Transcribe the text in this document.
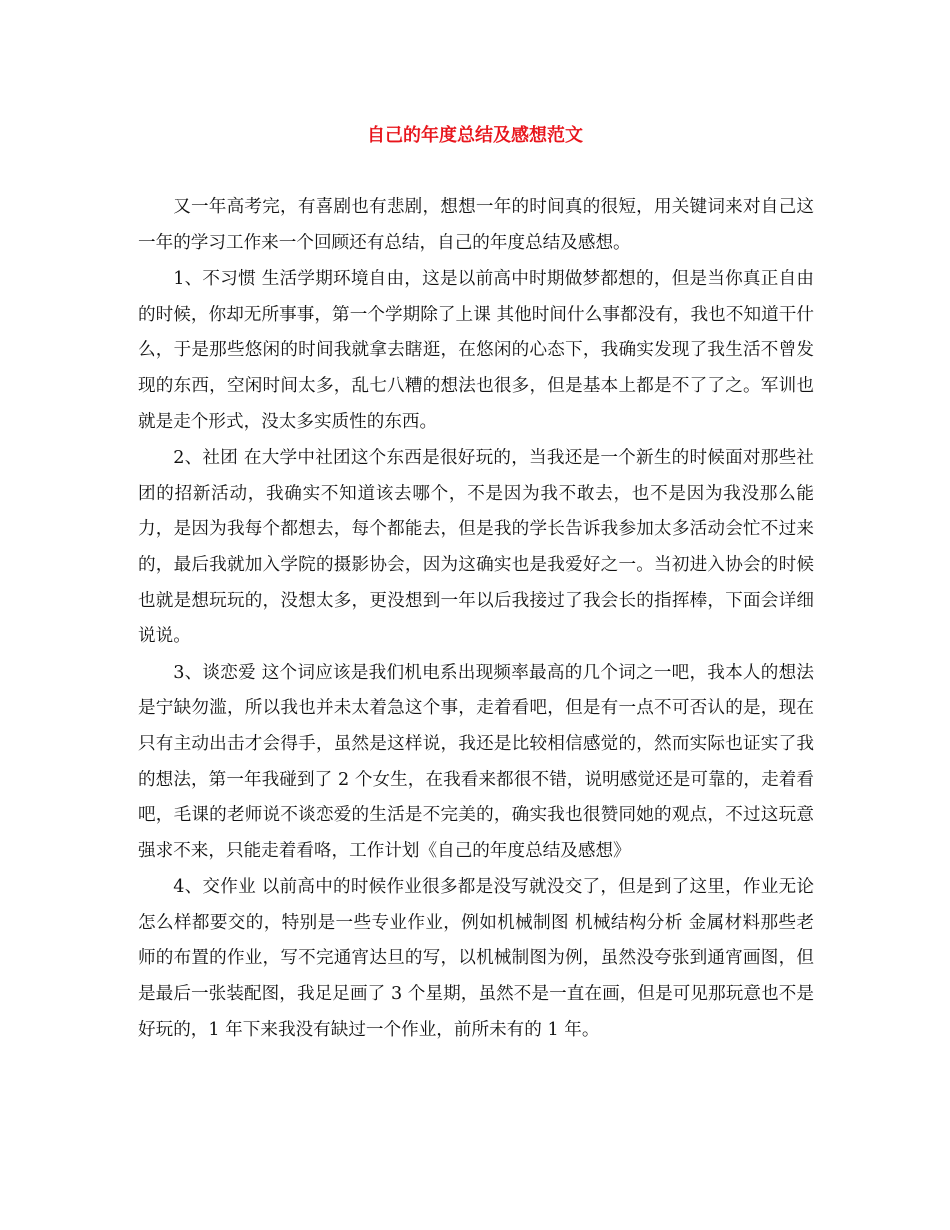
自己的年度总结及感想范文

又一年高考完，有喜剧也有悲剧，想想一年的时间真的很短，用关键词来对自己这一年的学习工作来一个回顾还有总结，自己的年度总结及感想。

1、不习惯 生活学期环境自由，这是以前高中时期做梦都想的，但是当你真正自由的时候，你却无所事事，第一个学期除了上课 其他时间什么事都没有，我也不知道干什么，于是那些悠闲的时间我就拿去瞎逛，在悠闲的心态下，我确实发现了我生活不曾发现的东西，空闲时间太多，乱七八糟的想法也很多，但是基本上都是不了了之。军训也就是走个形式，没太多实质性的东西。

2、社团 在大学中社团这个东西是很好玩的，当我还是一个新生的时候面对那些社团的招新活动，我确实不知道该去哪个，不是因为我不敢去，也不是因为我没那么能力，是因为我每个都想去，每个都能去，但是我的学长告诉我参加太多活动会忙不过来的，最后我就加入学院的摄影协会，因为这确实也是我爱好之一。当初进入协会的时候也就是想玩玩的，没想太多，更没想到一年以后我接过了我会长的指挥棒，下面会详细说说。

3、谈恋爱 这个词应该是我们机电系出现频率最高的几个词之一吧，我本人的想法是宁缺勿滥，所以我也并未太着急这个事，走着看吧，但是有一点不可否认的是，现在只有主动出击才会得手，虽然是这样说，我还是比较相信感觉的，然而实际也证实了我的想法，第一年我碰到了 2 个女生，在我看来都很不错，说明感觉还是可靠的，走着看吧，毛课的老师说不谈恋爱的生活是不完美的，确实我也很赞同她的观点，不过这玩意强求不来，只能走着看咯，工作计划《自己的年度总结及感想》

4、交作业 以前高中的时候作业很多都是没写就没交了，但是到了这里，作业无论怎么样都要交的，特别是一些专业作业，例如机械制图 机械结构分析 金属材料那些老师的布置的作业，写不完通宵达旦的写，以机械制图为例，虽然没夸张到通宵画图，但是最后一张装配图，我足足画了 3 个星期，虽然不是一直在画，但是可见那玩意也不是好玩的，1 年下来我没有缺过一个作业，前所未有的 1 年。
